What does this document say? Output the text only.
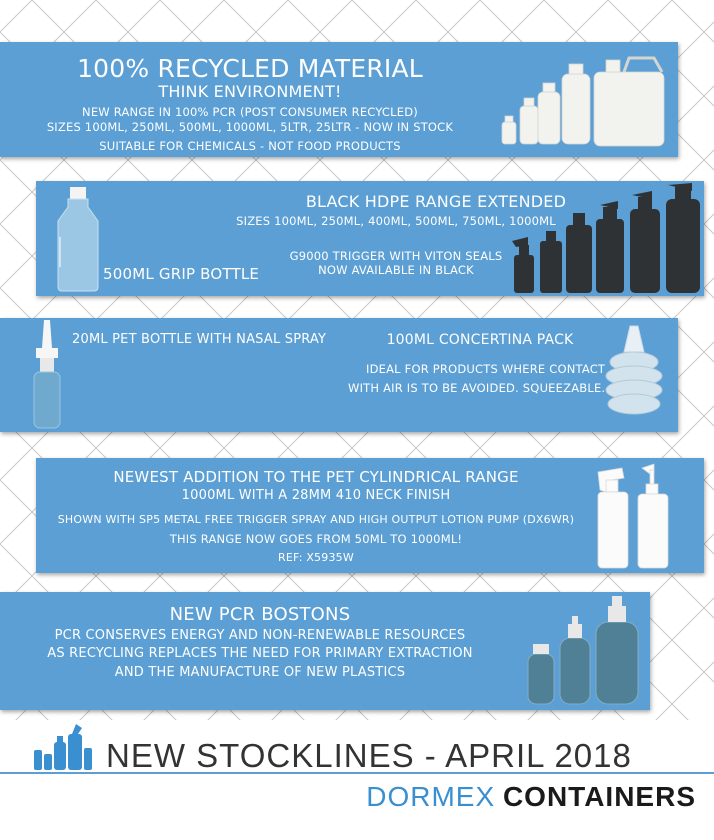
100% RECYCLED MATERIAL
THINK ENVIRONMENT!
NEW RANGE IN 100% PCR (POST CONSUMER RECYCLED)
SIZES 100ML, 250ML, 500ML, 1000ML, 5LTR, 25LTR - NOW IN STOCK
SUITABLE FOR CHEMICALS - NOT FOOD PRODUCTS
500ML GRIP BOTTLE
BLACK HDPE RANGE EXTENDED
SIZES 100ML, 250ML, 400ML, 500ML, 750ML, 1000ML
G9000 TRIGGER WITH VITON SEALS
NOW AVAILABLE IN BLACK
20ML PET BOTTLE WITH NASAL SPRAY	100ML CONCERTINA PACK
IDEAL FOR PRODUCTS WHERE CONTACT
WITH AIR IS TO BE AVOIDED. SQUEEZABLE.
NEWEST ADDITION TO THE PET CYLINDRICAL RANGE
1000ML WITH A 28MM 410 NECK FINISH
SHOWN WITH SP5 METAL FREE TRIGGER SPRAY AND HIGH OUTPUT LOTION PUMP (DX6WR)
THIS RANGE NOW GOES FROM 50ML TO 1000ML!
REF: X5935W
NEW PCR BOSTONS
PCR CONSERVES ENERGY AND NON-RENEWABLE RESOURCES
AS RECYCLING REPLACES THE NEED FOR PRIMARY EXTRACTION
AND THE MANUFACTURE OF NEW PLASTICS
NEW STOCKLINES - APRIL 2018
DORMEX CONTAINERS
